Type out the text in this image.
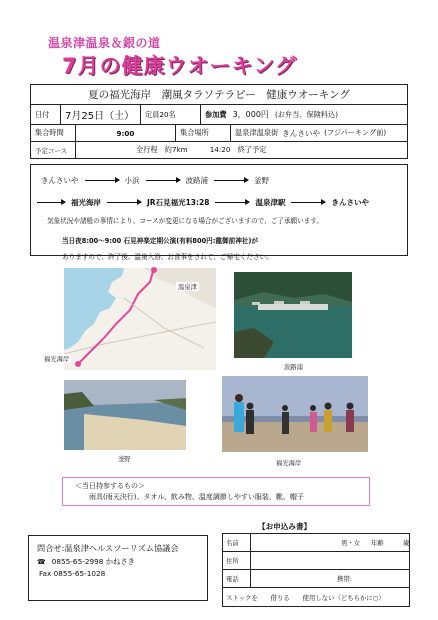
温泉津温泉＆銀の道
7月の健康ウオーキング
夏の福光海岸　潮風タラソテラピー　健康ウオーキング
日付	7月25日（土）	定員20名	参加費 3，000円 (お弁当、保険料込)
集合時間	9:00	集合場所	温泉津温泉街 きんさいや (フジパーキング前)
予定コース	全行程　約7km	14:20　終了予定
きんさいや	小浜	波路浦	釜野
福光海岸	JR石見福光13:28	温泉津駅	きんさいや
気象状況や諸般の事情により、コースが変更になる場合がございますので、ご了承願います。
当日夜8:00～9:00 石見神楽定期公演(有料800円:龍御前神社)が
ありますので、終了後、温泉入浴、お食事をされて、ご帰宅ください。
温泉津
福光海岸
波路浦
釜野
福光海岸
＜当日持参するもの＞
雨具(雨天決行)、タオル、飲み物、温度調節しやすい服装、靴、帽子
問合せ:温泉津ヘルスツーリズム協議会
☎ 0855-65-2998 かねさき
Fax 0855-65-1028
【お申込み書】
名前	男・女 年齢	歳
住所
電話	携帯:
ストックを　　借りる　　使用しない（どちらかに○）
